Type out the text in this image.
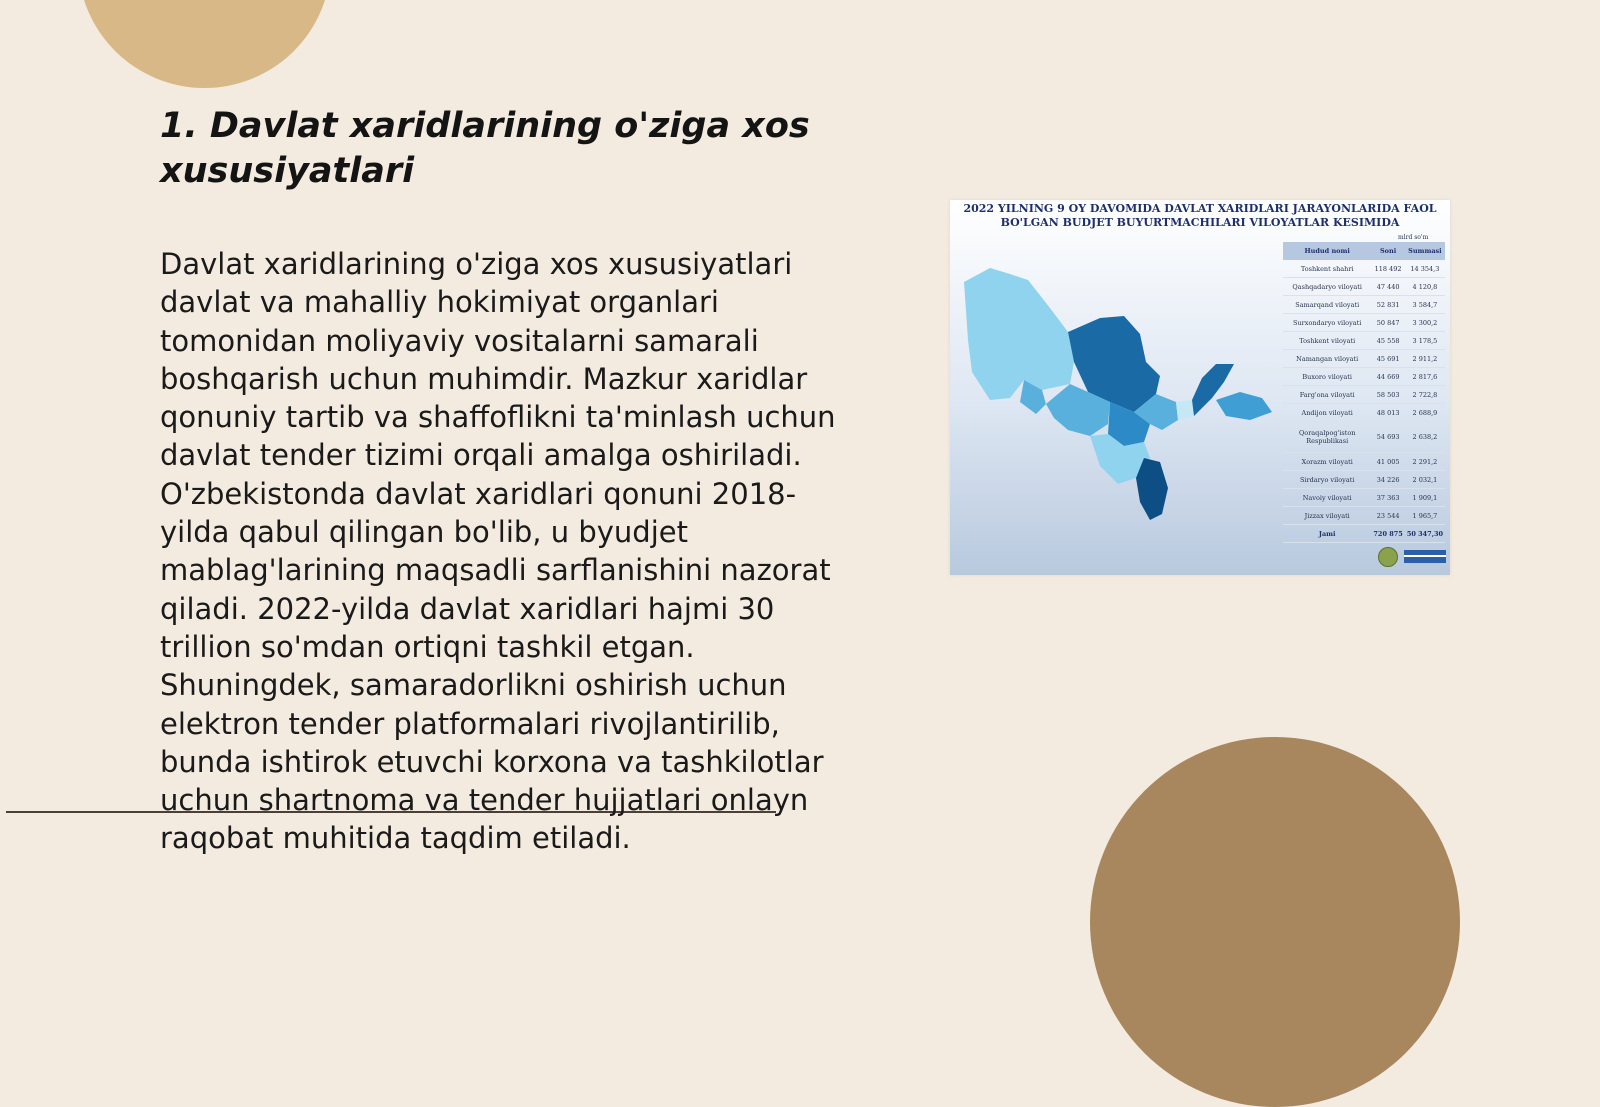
1. Davlat xaridlarining o'ziga xos xususiyatlari

Davlat xaridlarining o'ziga xos xususiyatlari davlat va mahalliy hokimiyat organlari tomonidan moliyaviy vositalarni samarali boshqarish uchun muhimdir. Mazkur xaridlar qonuniy tartib va shaffoflikni ta'minlash uchun davlat tender tizimi orqali amalga oshiriladi. O'zbekistonda davlat xaridlari qonuni 2018-yilda qabul qilingan bo'lib, u byudjet mablag'larining maqsadli sarflanishini nazorat qiladi. 2022-yilda davlat xaridlari hajmi 30 trillion so'mdan ortiqni tashkil etgan. Shuningdek, samaradorlikni oshirish uchun elektron tender platformalari rivojlantirilib, bunda ishtirok etuvchi korxona va tashkilotlar uchun shartnoma va tender hujjatlari onlayn raqobat muhitida taqdim etiladi.

2022 YILNING 9 OY DAVOMIDA DAVLAT XARIDLARI JARAYONLARIDA FAOL
BO'LGAN BUDJET BUYURTMACHILARI VILOYATLAR KESIMIDA

mlrd so'm
Hudud nomi	Soni	Summasi
Toshkent shahri	118 492	14 354,3
Qashqadaryo viloyati	47 440	4 120,8
Samarqand viloyati	52 831	3 584,7
Surxondaryo viloyati	50 847	3 300,2
Toshkent viloyati	45 558	3 178,5
Namangan viloyati	45 691	2 911,2
Buxoro viloyati	44 669	2 817,6
Farg'ona viloyati	58 503	2 722,8
Andijon viloyati	48 013	2 688,9
Qoraqalpog'iston Respublikasi	54 693	2 638,2
Xorazm viloyati	41 005	2 291,2
Sirdaryo viloyati	34 226	2 032,1
Navoiy viloyati	37 363	1 909,1
Jizzax viloyati	23 544	1 965,7
Jami	720 875	50 347,30
